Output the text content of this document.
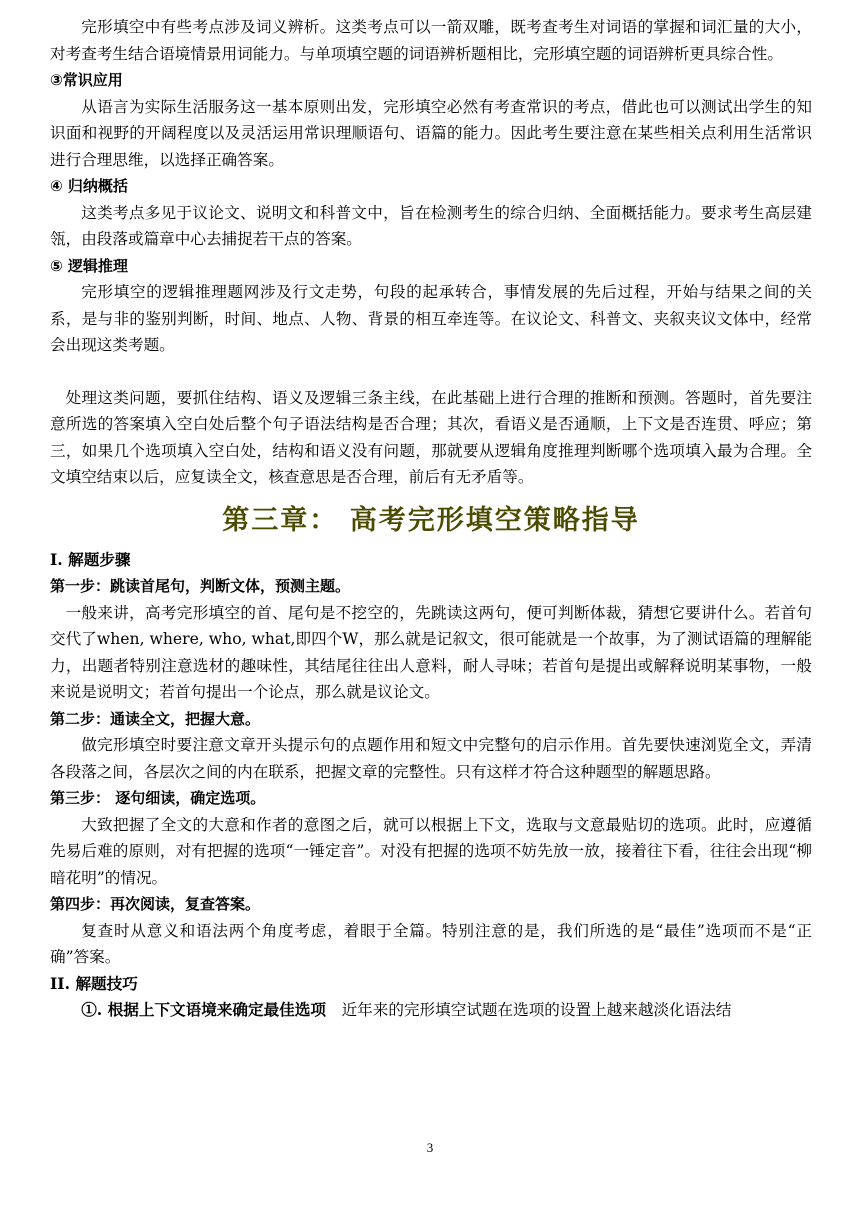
完形填空中有些考点涉及词义辨析。这类考点可以一箭双雕，既考查考生对词语的掌握和词汇量的大小，对考查考生结合语境情景用词能力。与单项填空题的词语辨析题相比，完形填空题的词语辨析更具综合性。

③常识应用

从语言为实际生活服务这一基本原则出发，完形填空必然有考查常识的考点，借此也可以测试出学生的知识面和视野的开阔程度以及灵活运用常识理顺语句、语篇的能力。因此考生要注意在某些相关点利用生活常识进行合理思维，以选择正确答案。

④ 归纳概括

这类考点多见于议论文、说明文和科普文中，旨在检测考生的综合归纳、全面概括能力。要求考生高层建瓴，由段落或篇章中心去捕捉若干点的答案。

⑤ 逻辑推理

完形填空的逻辑推理题网涉及行文走势，句段的起承转合，事情发展的先后过程，开始与结果之间的关系，是与非的鉴别判断，时间、地点、人物、背景的相互牵连等。在议论文、科普文、夹叙夹议文体中，经常会出现这类考题。

处理这类问题，要抓住结构、语义及逻辑三条主线，在此基础上进行合理的推断和预测。答题时，首先要注意所选的答案填入空白处后整个句子语法结构是否合理；其次，看语义是否通顺，上下文是否连贯、呼应；第三，如果几个选项填入空白处，结构和语义没有问题，那就要从逻辑角度推理判断哪个选项填入最为合理。全文填空结束以后，应复读全文，核查意思是否合理，前后有无矛盾等。

第三章： 高考完形填空策略指导

I. 解题步骤

第一步：跳读首尾句，判断文体，预测主题。

一般来讲，高考完形填空的首、尾句是不挖空的，先跳读这两句，便可判断体裁，猜想它要讲什么。若首句交代了when, where, who, what,即四个W，那么就是记叙文，很可能就是一个故事，为了测试语篇的理解能力，出题者特别注意选材的趣味性，其结尾往往出人意料，耐人寻味；若首句是提出或解释说明某事物，一般来说是说明文；若首句提出一个论点，那么就是议论文。

第二步：通读全文，把握大意。

做完形填空时要注意文章开头提示句的点题作用和短文中完整句的启示作用。首先要快速浏览全文，弄清各段落之间，各层次之间的内在联系，把握文章的完整性。只有这样才符合这种题型的解题思路。

第三步： 逐句细读，确定选项。

大致把握了全文的大意和作者的意图之后，就可以根据上下文，选取与文意最贴切的选项。此时，应遵循先易后难的原则，对有把握的选项“一锤定音”。对没有把握的选项不妨先放一放，接着往下看，往往会出现“柳暗花明”的情况。

第四步：再次阅读，复查答案。

复查时从意义和语法两个角度考虑，着眼于全篇。特别注意的是，我们所选的是“最佳”选项而不是“正确”答案。

II. 解题技巧

①. 根据上下文语境来确定最佳选项　 近年来的完形填空试题在选项的设置上越来越淡化语法结

3
